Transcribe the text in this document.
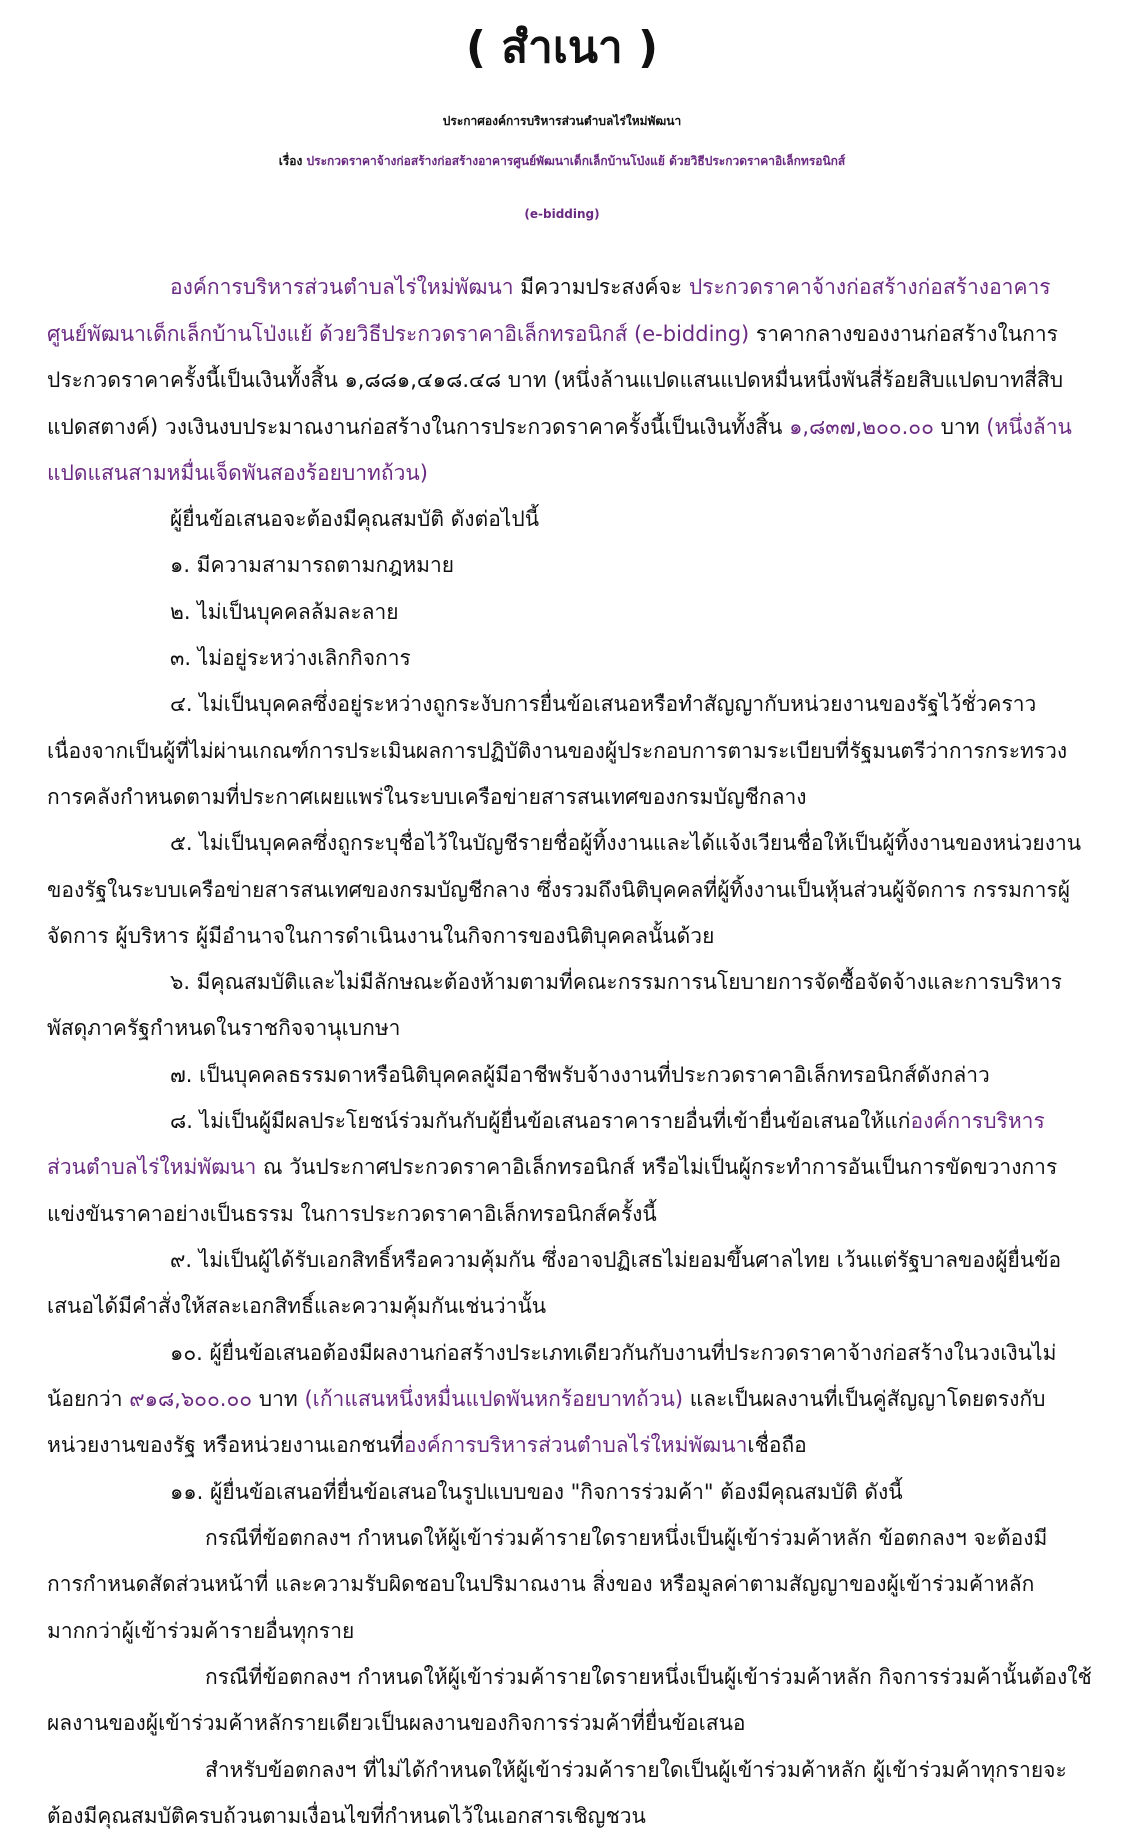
( สำเนา )
ประกาศองค์การบริหารส่วนตำบลไร่ใหม่พัฒนา
เรื่อง ประกวดราคาจ้างก่อสร้างก่อสร้างอาคารศูนย์พัฒนาเด็กเล็กบ้านโป่งแย้ ด้วยวิธีประกวดราคาอิเล็กทรอนิกส์
(e-bidding)
องค์การบริหารส่วนตำบลไร่ใหม่พัฒนา มีความประสงค์จะ ประกวดราคาจ้างก่อสร้างก่อสร้างอาคาร
ศูนย์พัฒนาเด็กเล็กบ้านโป่งแย้ ด้วยวิธีประกวดราคาอิเล็กทรอนิกส์ (e-bidding) ราคากลางของงานก่อสร้างในการ
ประกวดราคาครั้งนี้เป็นเงินทั้งสิ้น ๑,๘๘๑,๔๑๘.๔๘ บาท (หนึ่งล้านแปดแสนแปดหมื่นหนึ่งพันสี่ร้อยสิบแปดบาทสี่สิบ
แปดสตางค์) วงเงินงบประมาณงานก่อสร้างในการประกวดราคาครั้งนี้เป็นเงินทั้งสิ้น ๑,๘๓๗,๒๐๐.๐๐ บาท (หนึ่งล้าน
แปดแสนสามหมื่นเจ็ดพันสองร้อยบาทถ้วน)
ผู้ยื่นข้อเสนอจะต้องมีคุณสมบัติ ดังต่อไปนี้
๑. มีความสามารถตามกฎหมาย
๒. ไม่เป็นบุคคลล้มละลาย
๓. ไม่อยู่ระหว่างเลิกกิจการ
๔. ไม่เป็นบุคคลซึ่งอยู่ระหว่างถูกระงับการยื่นข้อเสนอหรือทำสัญญากับหน่วยงานของรัฐไว้ชั่วคราว
เนื่องจากเป็นผู้ที่ไม่ผ่านเกณฑ์การประเมินผลการปฏิบัติงานของผู้ประกอบการตามระเบียบที่รัฐมนตรีว่าการกระทรวง
การคลังกำหนดตามที่ประกาศเผยแพร่ในระบบเครือข่ายสารสนเทศของกรมบัญชีกลาง
๕. ไม่เป็นบุคคลซึ่งถูกระบุชื่อไว้ในบัญชีรายชื่อผู้ทิ้งงานและได้แจ้งเวียนชื่อให้เป็นผู้ทิ้งงานของหน่วยงาน
ของรัฐในระบบเครือข่ายสารสนเทศของกรมบัญชีกลาง ซึ่งรวมถึงนิติบุคคลที่ผู้ทิ้งงานเป็นหุ้นส่วนผู้จัดการ กรรมการผู้
จัดการ ผู้บริหาร ผู้มีอำนาจในการดำเนินงานในกิจการของนิติบุคคลนั้นด้วย
๖. มีคุณสมบัติและไม่มีลักษณะต้องห้ามตามที่คณะกรรมการนโยบายการจัดซื้อจัดจ้างและการบริหาร
พัสดุภาครัฐกำหนดในราชกิจจานุเบกษา
๗. เป็นบุคคลธรรมดาหรือนิติบุคคลผู้มีอาชีพรับจ้างงานที่ประกวดราคาอิเล็กทรอนิกส์ดังกล่าว
๘. ไม่เป็นผู้มีผลประโยชน์ร่วมกันกับผู้ยื่นข้อเสนอราคารายอื่นที่เข้ายื่นข้อเสนอให้แก่องค์การบริหาร
ส่วนตำบลไร่ใหม่พัฒนา ณ วันประกาศประกวดราคาอิเล็กทรอนิกส์ หรือไม่เป็นผู้กระทำการอันเป็นการขัดขวางการ
แข่งขันราคาอย่างเป็นธรรม ในการประกวดราคาอิเล็กทรอนิกส์ครั้งนี้
๙. ไม่เป็นผู้ได้รับเอกสิทธิ์หรือความคุ้มกัน ซึ่งอาจปฏิเสธไม่ยอมขึ้นศาลไทย เว้นแต่รัฐบาลของผู้ยื่นข้อ
เสนอได้มีคำสั่งให้สละเอกสิทธิ์และความคุ้มกันเช่นว่านั้น
๑๐. ผู้ยื่นข้อเสนอต้องมีผลงานก่อสร้างประเภทเดียวกันกับงานที่ประกวดราคาจ้างก่อสร้างในวงเงินไม่
น้อยกว่า ๙๑๘,๖๐๐.๐๐ บาท (เก้าแสนหนึ่งหมื่นแปดพันหกร้อยบาทถ้วน) และเป็นผลงานที่เป็นคู่สัญญาโดยตรงกับ
หน่วยงานของรัฐ หรือหน่วยงานเอกชนที่องค์การบริหารส่วนตำบลไร่ใหม่พัฒนาเชื่อถือ
๑๑. ผู้ยื่นข้อเสนอที่ยื่นข้อเสนอในรูปแบบของ "กิจการร่วมค้า" ต้องมีคุณสมบัติ ดังนี้
กรณีที่ข้อตกลงฯ กำหนดให้ผู้เข้าร่วมค้ารายใดรายหนึ่งเป็นผู้เข้าร่วมค้าหลัก ข้อตกลงฯ จะต้องมี
การกำหนดสัดส่วนหน้าที่ และความรับผิดชอบในปริมาณงาน สิ่งของ หรือมูลค่าตามสัญญาของผู้เข้าร่วมค้าหลัก
มากกว่าผู้เข้าร่วมค้ารายอื่นทุกราย
กรณีที่ข้อตกลงฯ กำหนดให้ผู้เข้าร่วมค้ารายใดรายหนึ่งเป็นผู้เข้าร่วมค้าหลัก กิจการร่วมค้านั้นต้องใช้
ผลงานของผู้เข้าร่วมค้าหลักรายเดียวเป็นผลงานของกิจการร่วมค้าที่ยื่นข้อเสนอ
สำหรับข้อตกลงฯ ที่ไม่ได้กำหนดให้ผู้เข้าร่วมค้ารายใดเป็นผู้เข้าร่วมค้าหลัก ผู้เข้าร่วมค้าทุกรายจะ
ต้องมีคุณสมบัติครบถ้วนตามเงื่อนไขที่กำหนดไว้ในเอกสารเชิญชวน
